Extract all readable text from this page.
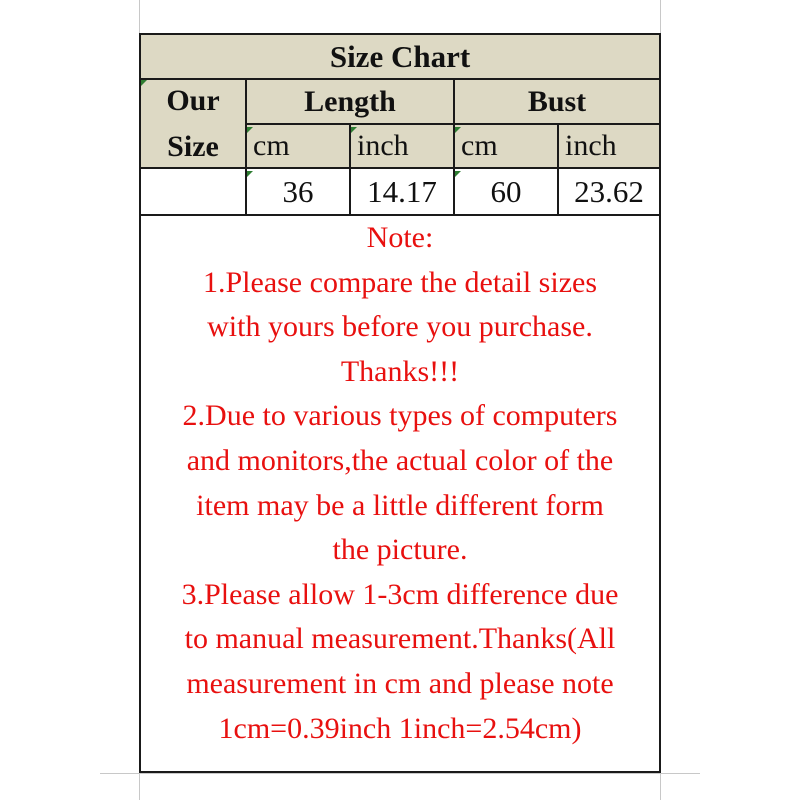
Size Chart
Our
Size
Length	Bust
cm	inch	cm	inch
36	14.17	60	23.62
Note:
1.Please compare the detail sizes
with yours before you purchase.
Thanks!!!
2.Due to various types of computers
and monitors,the actual color of the
item may be a little different form
the picture.
3.Please allow 1-3cm difference due
to manual measurement.Thanks(All
measurement in cm and please note
1cm=0.39inch 1inch=2.54cm)
